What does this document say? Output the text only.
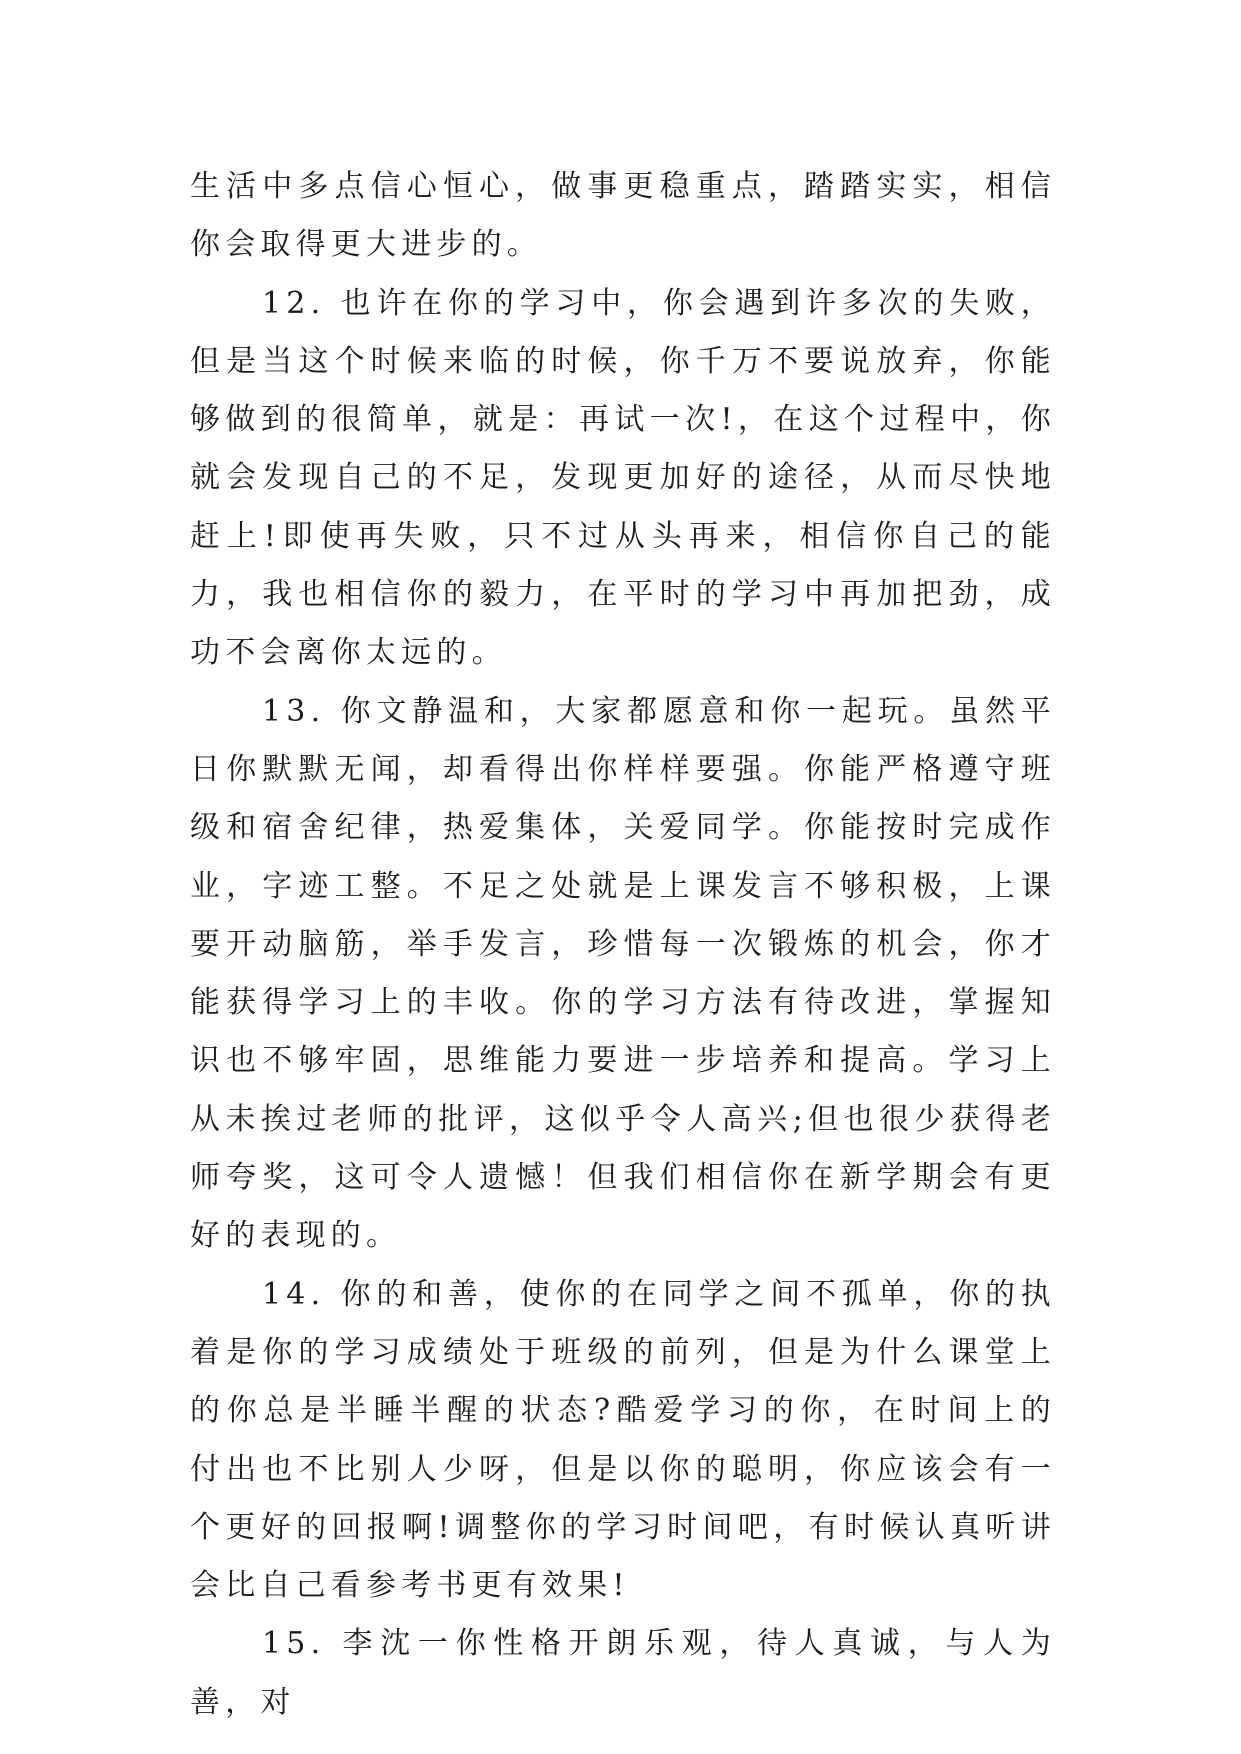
生活中多点信心恒心，做事更稳重点，踏踏实实，相信你会取得更大进步的。

12. 也许在你的学习中，你会遇到许多次的失败，但是当这个时候来临的时候，你千万不要说放弃，你能够做到的很简单，就是：再试一次!，在这个过程中，你就会发现自己的不足，发现更加好的途径，从而尽快地赶上!即使再失败，只不过从头再来，相信你自己的能力，我也相信你的毅力，在平时的学习中再加把劲，成功不会离你太远的。

13. 你文静温和，大家都愿意和你一起玩。虽然平日你默默无闻，却看得出你样样要强。你能严格遵守班级和宿舍纪律，热爱集体，关爱同学。你能按时完成作业，字迹工整。不足之处就是上课发言不够积极，上课要开动脑筋，举手发言，珍惜每一次锻炼的机会，你才能获得学习上的丰收。你的学习方法有待改进，掌握知识也不够牢固，思维能力要进一步培养和提高。学习上从未挨过老师的批评，这似乎令人高兴;但也很少获得老师夸奖，这可令人遗憾！但我们相信你在新学期会有更好的表现的。

14. 你的和善，使你的在同学之间不孤单，你的执着是你的学习成绩处于班级的前列，但是为什么课堂上的你总是半睡半醒的状态?酷爱学习的你，在时间上的付出也不比别人少呀，但是以你的聪明，你应该会有一个更好的回报啊!调整你的学习时间吧，有时候认真听讲会比自己看参考书更有效果!

15. 李沈一你性格开朗乐观，待人真诚，与人为善，对
